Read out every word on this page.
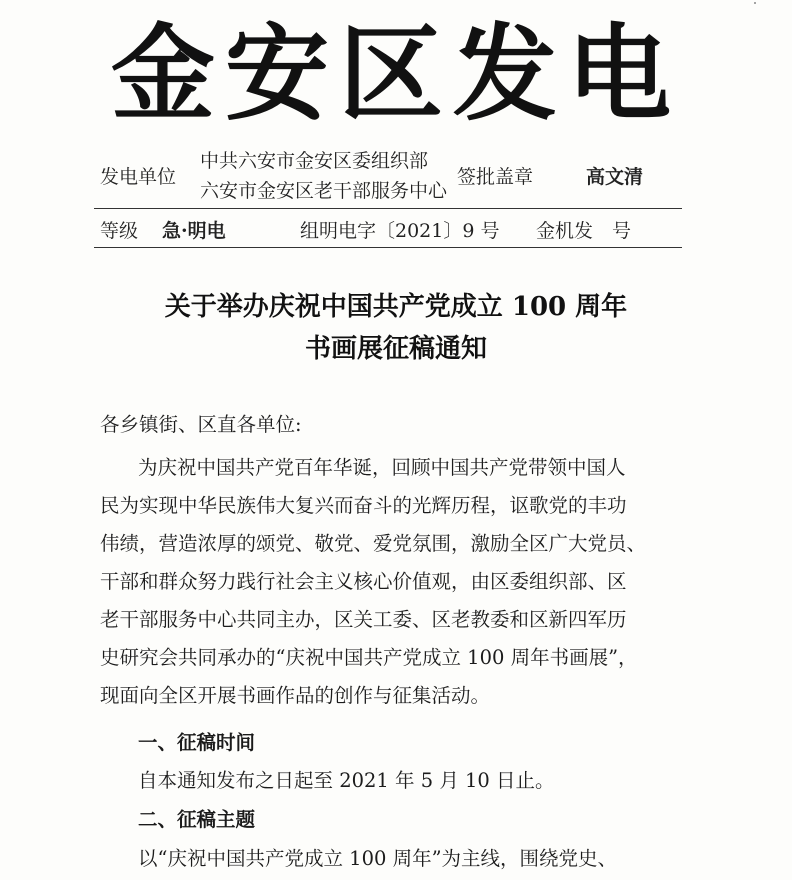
金安区发电
发电单位
中共六安市金安区委组织部
六安市金安区老干部服务中心
签批盖章	高文清
等级 急·明电	组明电字〔2021〕9 号 金机发　号
关于举办庆祝中国共产党成立 100 周年
书画展征稿通知
各乡镇街、区直各单位:
为庆祝中国共产党百年华诞，回顾中国共产党带领中国人
民为实现中华民族伟大复兴而奋斗的光辉历程，讴歌党的丰功
伟绩，营造浓厚的颂党、敬党、爱党氛围，激励全区广大党员、
干部和群众努力践行社会主义核心价值观，由区委组织部、区
老干部服务中心共同主办，区关工委、区老教委和区新四军历
史研究会共同承办的“庆祝中国共产党成立 100 周年书画展”，
现面向全区开展书画作品的创作与征集活动。
一、征稿时间
自本通知发布之日起至 2021 年 5 月 10 日止。
二、征稿主题
以“庆祝中国共产党成立 100 周年”为主线，围绕党史、
